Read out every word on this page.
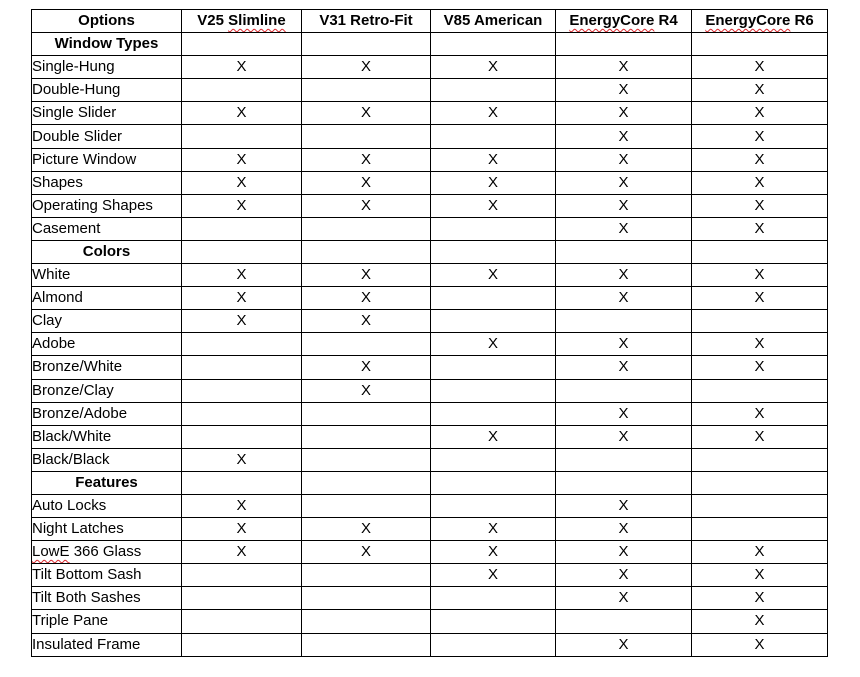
Options	V25 Slimline	V31 Retro-Fit	V85 American	EnergyCore R4	EnergyCore R6
Window Types					
Single-Hung	X	X	X	X	X
Double-Hung				X	X
Single Slider	X	X	X	X	X
Double Slider				X	X
Picture Window	X	X	X	X	X
Shapes	X	X	X	X	X
Operating Shapes	X	X	X	X	X
Casement				X	X
Colors					
White	X	X	X	X	X
Almond	X	X		X	X
Clay	X	X			
Adobe			X	X	X
Bronze/White		X		X	X
Bronze/Clay		X			
Bronze/Adobe				X	X
Black/White			X	X	X
Black/Black	X				
Features					
Auto Locks	X			X	
Night Latches	X	X	X	X	
LowE 366 Glass	X	X	X	X	X
Tilt Bottom Sash			X	X	X
Tilt Both Sashes				X	X
Triple Pane					X
Insulated Frame				X	X
